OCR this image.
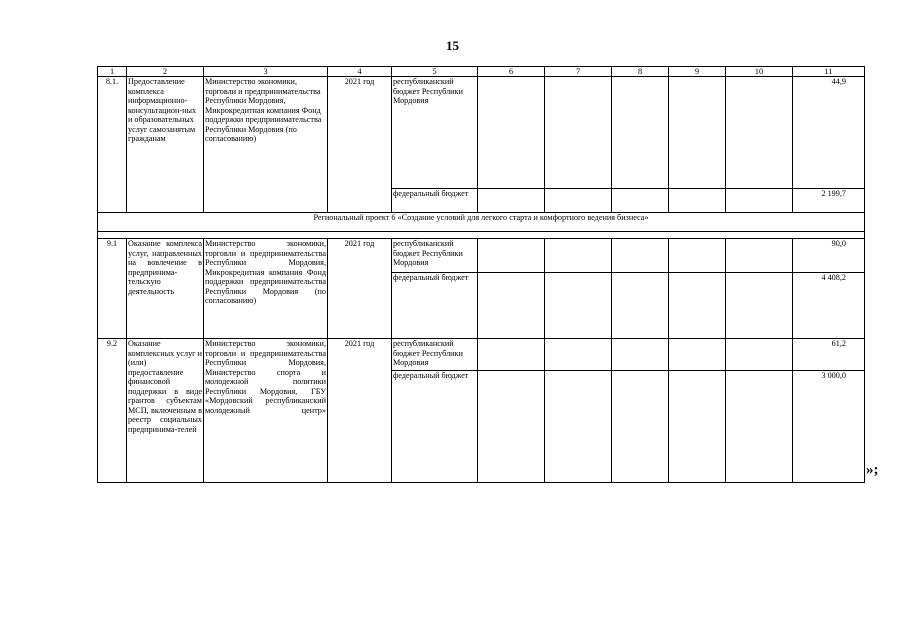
15
1	2	3	4	5	6	7	8	9	10	11
8.1.	Предоставление комплекса информационно-консультацион-ных и образовательных услуг самозанятым гражданам	Министерство экономики, торговли и предпринимательства Республики Мордовия, Микрокредитная компания Фонд поддержки предпринимательства Республики Мордовия (по согласованию)	2021 год	республиканский бюджет Республики Мордовия						44,9
				федеральный бюджет						2 199,7
Региональный проект 6 «Создание условий для легкого старта и комфортного ведения бизнеса»										

9.1	Оказание комплекса услуг, направленных на вовлечение в предпринима-тельскую деятельность	Министерство экономики, торговли и предпринимательства Республики Мордовия, Микрокредитная компания Фонд поддержки предпринимательства Республики Мордовия (по согласованию)	2021 год	республиканский бюджет Республики Мордовия						90,0
				федеральный бюджет						4 408,2
9.2	Оказание комплексных услуг и (или) предоставление финансовой поддержки в виде грантов субъектам МСП, включенным в реестр социальных предпринима-телей	Министерство экономики, торговли и предпринимательства Республики Мордовия, Министерство спорта и молодежной политики Республики Мордовия, ГБУ «Мордовский республиканский молодежный центр»	2021 год	республиканский бюджет Республики Мордовия						61,2
				федеральный бюджет						3 000,0
»;
